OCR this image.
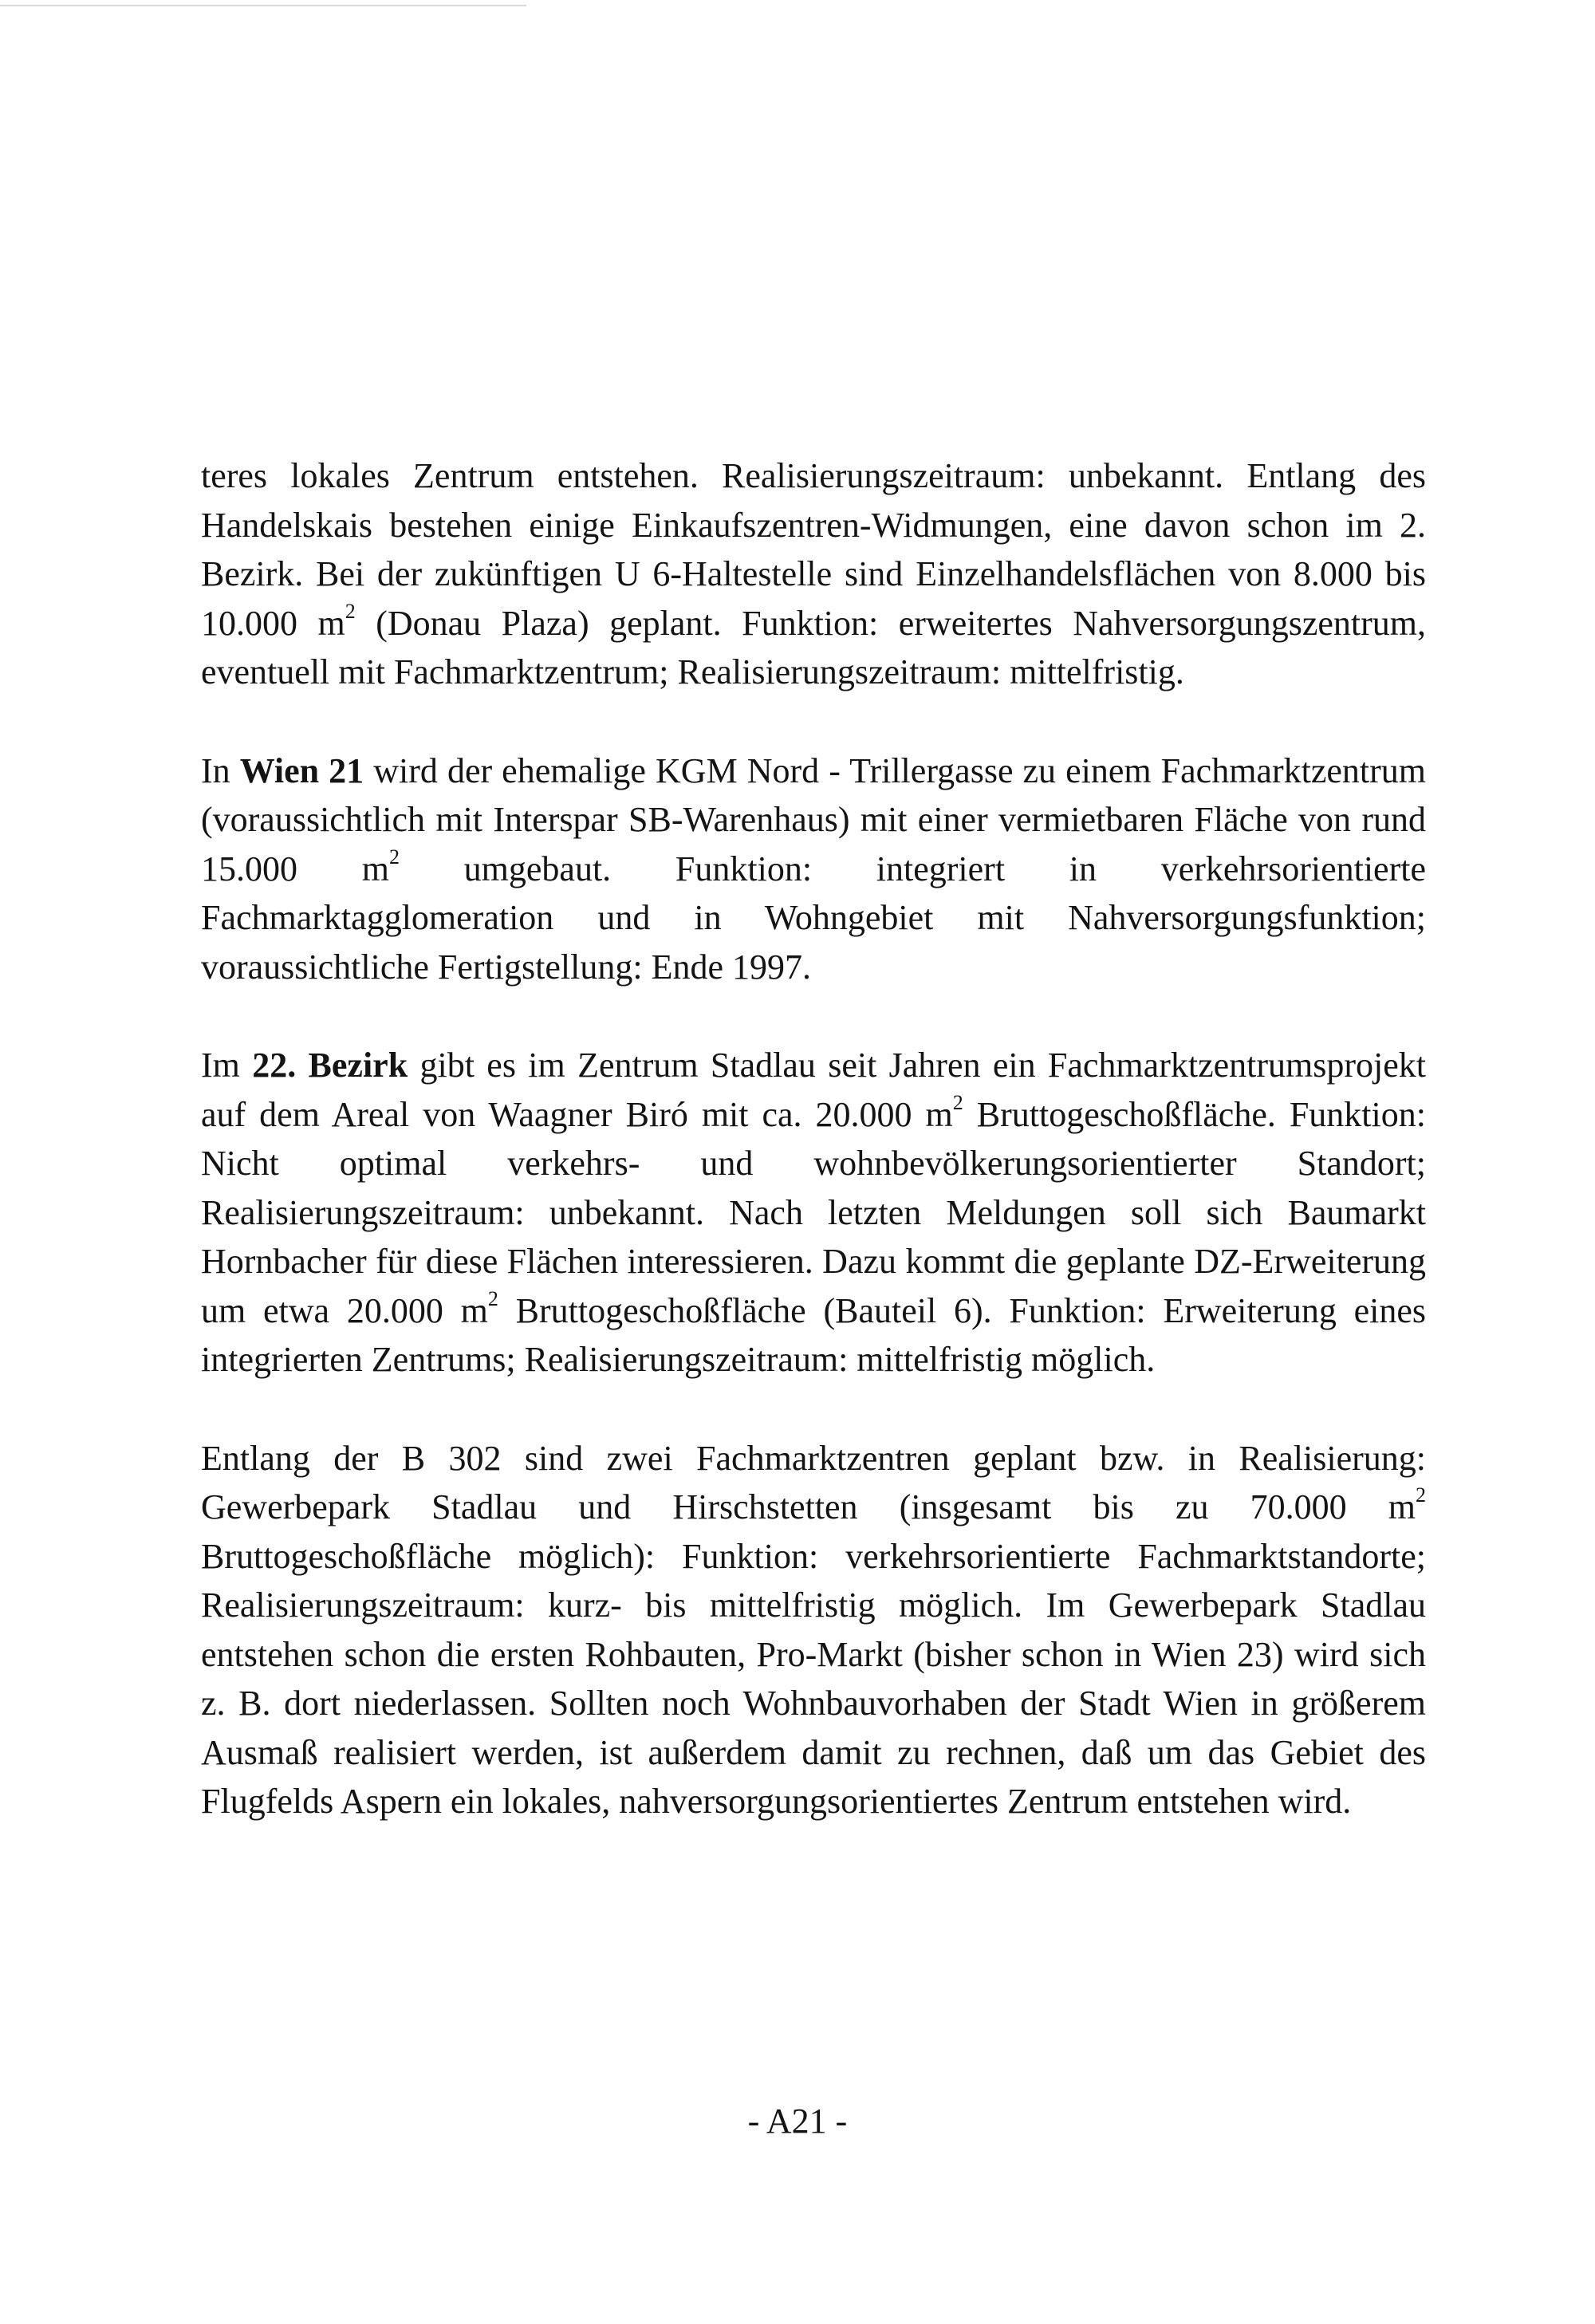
teres lokales Zentrum entstehen. Realisierungszeitraum: unbekannt. Entlang des Handelskais bestehen einige Einkaufszentren-Widmungen, eine davon schon im 2. Bezirk. Bei der zukünftigen U 6-Haltestelle sind Einzelhandelsflächen von 8.000 bis 10.000 $m^2$ (Donau Plaza) geplant. Funktion: erweitertes Nahversorgungszentrum, eventuell mit Fachmarktzentrum; Realisierungszeitraum: mittelfristig.

In Wien 21 wird der ehemalige KGM Nord - Trillergasse zu einem Fachmarktzentrum (voraussichtlich mit Interspar SB-Warenhaus) mit einer vermietbaren Fläche von rund 15.000 $m^2$ umgebaut. Funktion: integriert in verkehrsorientierte Fachmarktagglomeration und in Wohngebiet mit Nahversorgungsfunktion; voraussichtliche Fertigstellung: Ende 1997.

Im 22. Bezirk gibt es im Zentrum Stadlau seit Jahren ein Fachmarktzentrumsprojekt auf dem Areal von Waagner Biró mit ca. 20.000 $m^2$ Bruttogeschoßfläche. Funktion: Nicht optimal verkehrs- und wohnbevölkerungsorientierter Standort; Realisierungszeitraum: unbekannt. Nach letzten Meldungen soll sich Baumarkt Hornbacher für diese Flächen interessieren. Dazu kommt die geplante DZ-Erweiterung um etwa 20.000 $m^2$ Bruttogeschoßfläche (Bauteil 6). Funktion: Erweiterung eines integrierten Zentrums; Realisierungszeitraum: mittelfristig möglich.

Entlang der B 302 sind zwei Fachmarktzentren geplant bzw. in Realisierung: Gewerbepark Stadlau und Hirschstetten (insgesamt bis zu 70.000 $m^2$ Bruttogeschoßfläche möglich): Funktion: verkehrsorientierte Fachmarktstandorte; Realisierungszeitraum: kurz- bis mittelfristig möglich. Im Gewerbepark Stadlau entstehen schon die ersten Rohbauten, Pro-Markt (bisher schon in Wien 23) wird sich z. B. dort niederlassen. Sollten noch Wohnbauvorhaben der Stadt Wien in größerem Ausmaß realisiert werden, ist außerdem damit zu rechnen, daß um das Gebiet des Flugfelds Aspern ein lokales, nahversorgungsorientiertes Zentrum entstehen wird.

- A21 -
